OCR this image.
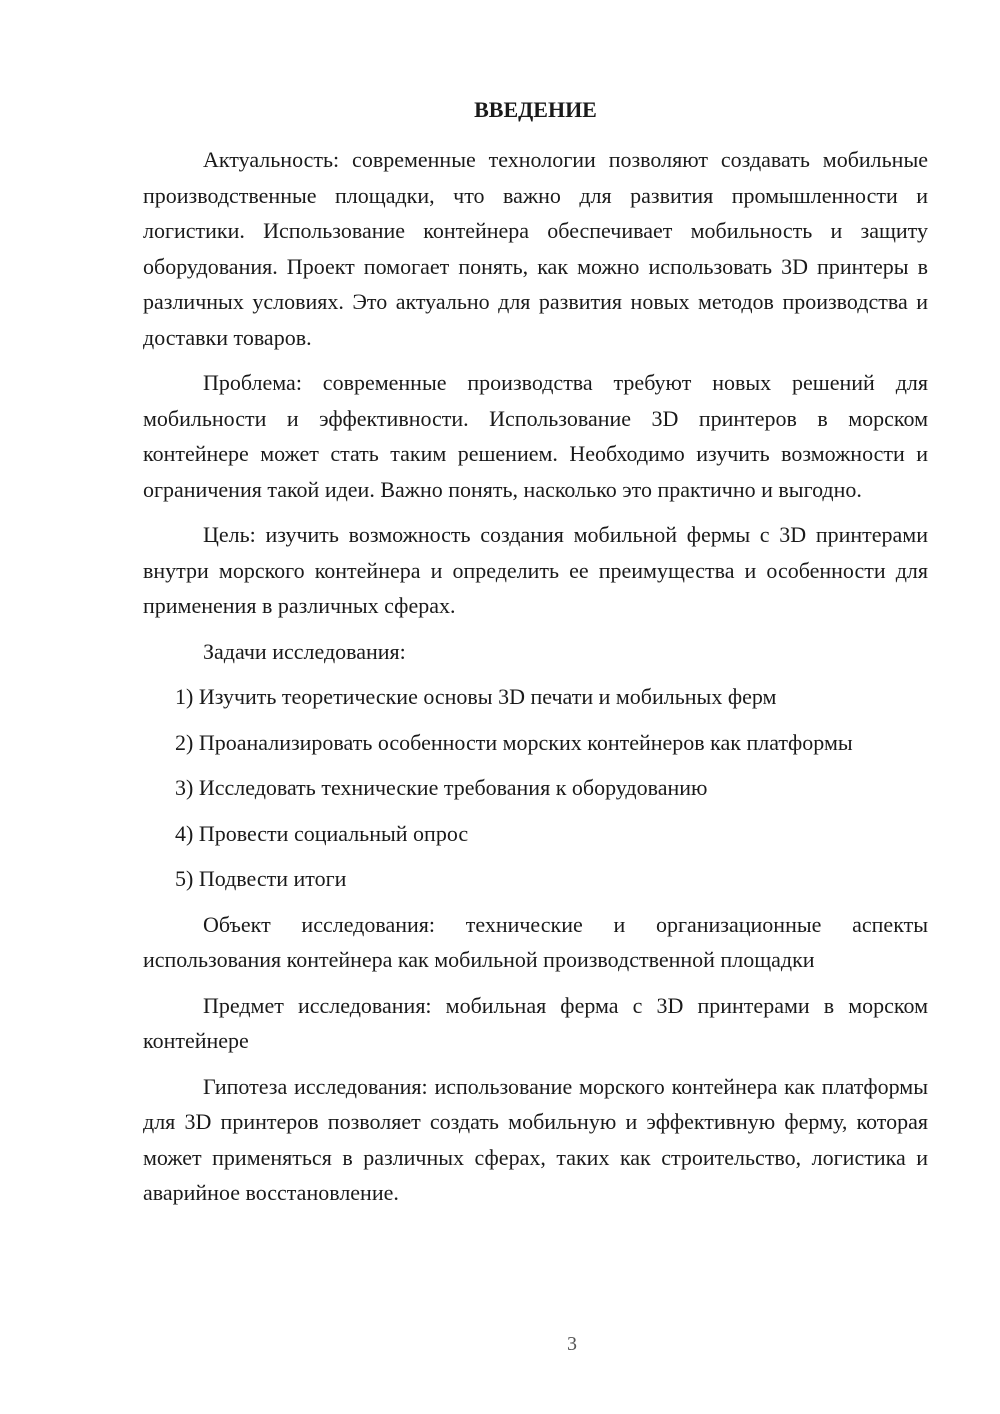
ВВЕДЕНИЕ

Актуальность: современные технологии позволяют создавать мобильные производственные площадки, что важно для развития промышленности и логистики. Использование контейнера обеспечивает мобильность и защиту оборудования. Проект помогает понять, как можно использовать 3D принтеры в различных условиях. Это актуально для развития новых методов производства и доставки товаров.

Проблема: современные производства требуют новых решений для мобильности и эффективности. Использование 3D принтеров в морском контейнере может стать таким решением. Необходимо изучить возможности и ограничения такой идеи. Важно понять, насколько это практично и выгодно.

Цель: изучить возможность создания мобильной фермы с 3D принтерами внутри морского контейнера и определить ее преимущества и особенности для применения в различных сферах.

Задачи исследования:

1) Изучить теоретические основы 3D печати и мобильных ферм

2) Проанализировать особенности морских контейнеров как платформы

3) Исследовать технические требования к оборудованию

4) Провести социальный опрос

5) Подвести итоги

Объект исследования: технические и организационные аспекты использования контейнера как мобильной производственной площадки

Предмет исследования: мобильная ферма с 3D принтерами в морском контейнере

Гипотеза исследования: использование морского контейнера как платформы для 3D принтеров позволяет создать мобильную и эффективную ферму, которая может применяться в различных сферах, таких как строительство, логистика и аварийное восстановление.

3
